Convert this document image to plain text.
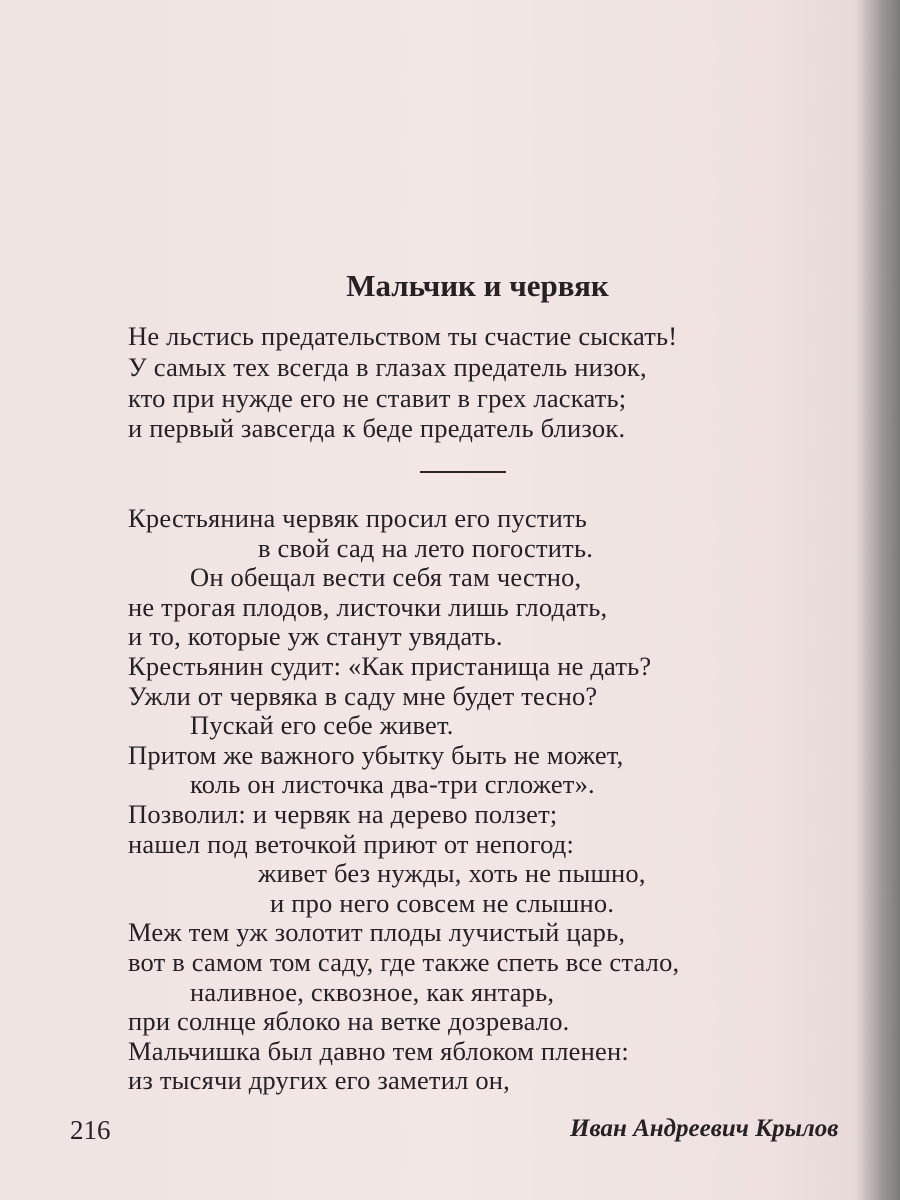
Мальчик и червяк
Не льстись предательством ты счастие сыскать!
У самых тех всегда в глазах предатель низок,
кто при нужде его не ставит в грех ласкать;
и первый завсегда к беде предатель близок.
Крестьянина червяк просил его пустить
в свой сад на лето погостить.
Он обещал вести себя там честно,
не трогая плодов, листочки лишь глодать,
и то, которые уж станут увядать.
Крестьянин судит: «Как пристанища не дать?
Ужли от червяка в саду мне будет тесно?
Пускай его себе живет.
Притом же важного убытку быть не может,
коль он листочка два-три сгложет».
Позволил: и червяк на дерево ползет;
нашел под веточкой приют от непогод:
живет без нужды, хоть не пышно,
и про него совсем не слышно.
Меж тем уж золотит плоды лучистый царь,
вот в самом том саду, где также спеть все стало,
наливное, сквозное, как янтарь,
при солнце яблоко на ветке дозревало.
Мальчишка был давно тем яблоком пленен:
из тысячи других его заметил он,
216	Иван Андреевич Крылов
